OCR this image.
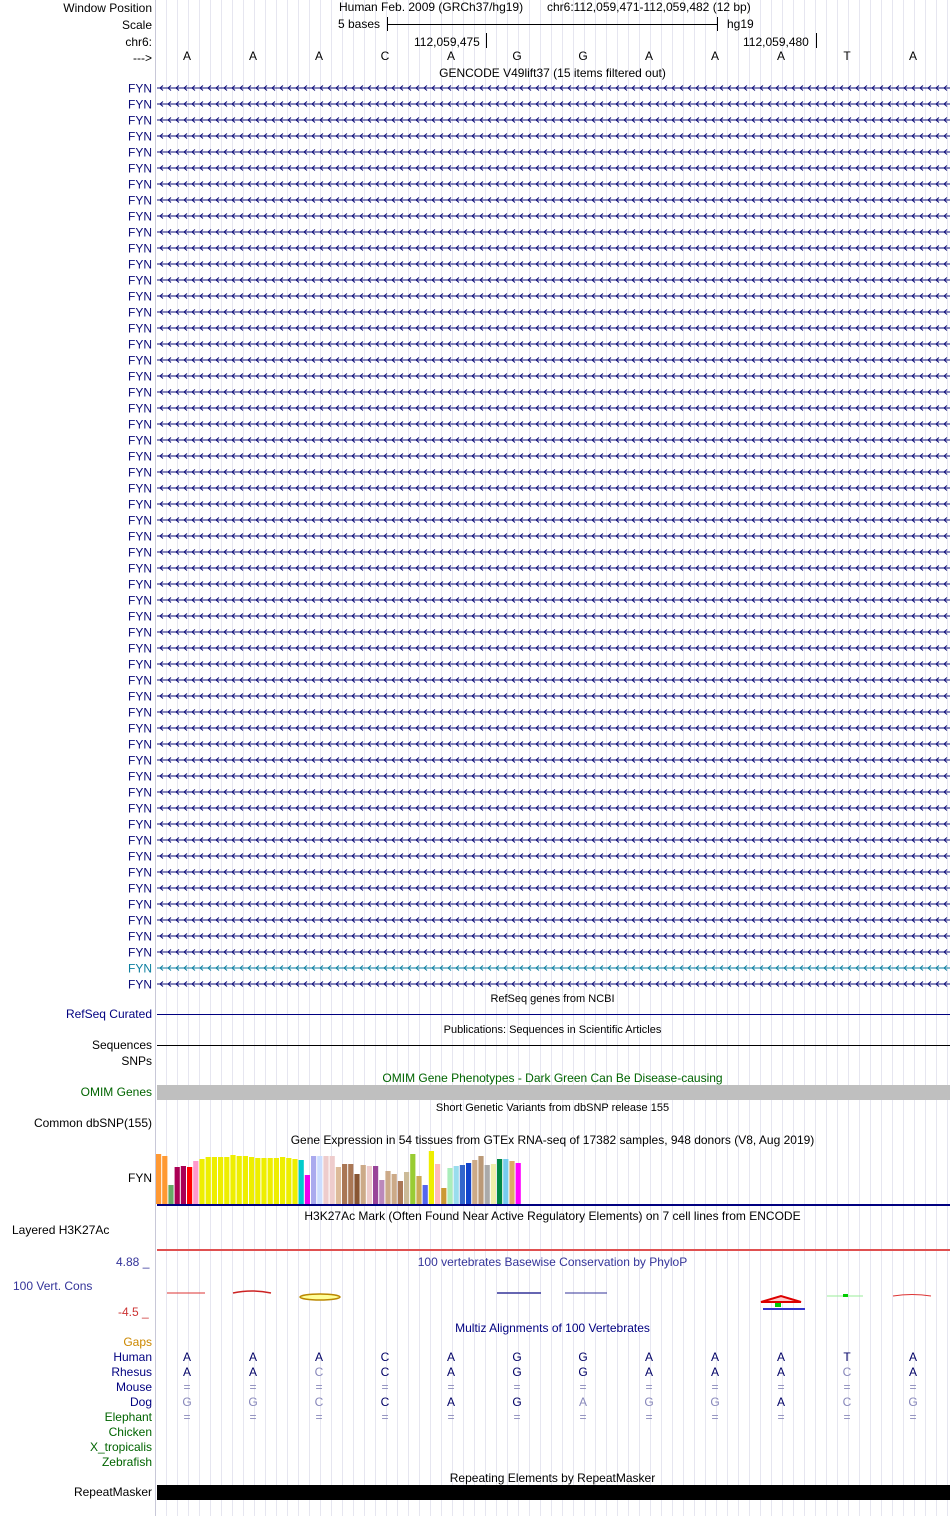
Window Position
Scale
chr6:
--->
Human Feb. 2009 (GRCh37/hg19) chr6:112,059,471-112,059,482 (12 bp)
5 bases	hg19
112,059,475	112,059,480
A	A	A	C	A	G	G	A	A	A	T	A
GENCODE V49lift37 (15 items filtered out)
FYN
FYN
FYN
FYN
FYN
FYN
FYN
FYN
FYN
FYN
FYN
FYN
FYN
FYN
FYN
FYN
FYN
FYN
FYN
FYN
FYN
FYN
FYN
FYN
FYN
FYN
FYN
FYN
FYN
FYN
FYN
FYN
FYN
FYN
FYN
FYN
FYN
FYN
FYN
FYN
FYN
FYN
FYN
FYN
FYN
FYN
FYN
FYN
FYN
FYN
FYN
FYN
FYN
FYN
FYN
FYN
FYN
RefSeq genes from NCBI
RefSeq Curated
Publications: Sequences in Scientific Articles
Sequences
SNPs
OMIM Gene Phenotypes - Dark Green Can Be Disease-causing
OMIM Genes
Short Genetic Variants from dbSNP release 155
Common dbSNP(155)
Gene Expression in 54 tissues from GTEx RNA-seq of 17382 samples, 948 donors (V8, Aug 2019)
FYN
H3K27Ac Mark (Often Found Near Active Regulatory Elements) on 7 cell lines from ENCODE
Layered H3K27Ac
100 vertebrates Basewise Conservation by PhyloP
4.88 _
100 Vert. Cons
-4.5 _
Multiz Alignments of 100 Vertebrates
Gaps
Human	A	A	A	C	A	G	G	A	A	A	T	A
Rhesus	A	A	C	C	A	G	G	A	A	A	C	A
Mouse	=	=	=	=	=	=	=	=	=	=	=	=
Dog	G	G	C	C	A	G	A	G	G	A	C	G
Elephant	=	=	=	=	=	=	=	=	=	=	=	=
Chicken
X_tropicalis
Zebrafish
Repeating Elements by RepeatMasker
RepeatMasker
